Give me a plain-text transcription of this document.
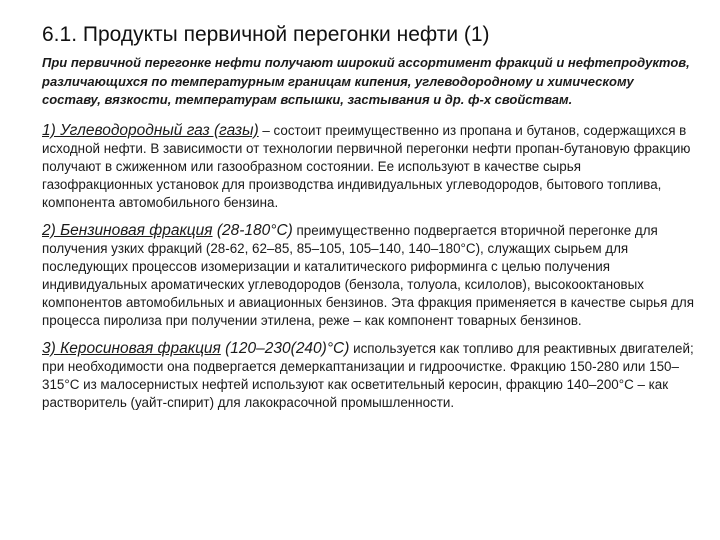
6.1. Продукты первичной перегонки нефти (1)

При первичной перегонке нефти получают широкий ассортимент фракций и нефтепродуктов, различающихся по температурным границам кипения, углеводородному и химическому составу, вязкости, температурам вспышки, застывания и др. ф-х свойствам.

1) Углеводородный газ (газы) – состоит преимущественно из пропана и бутанов, содержащихся в исходной нефти. В зависимости от технологии первичной перегонки нефти пропан-бутановую фракцию получают в сжиженном или газообразном состоянии. Ее используют в качестве сырья газофракционных установок для производства индивидуальных углеводородов, бытового топлива, компонента автомобильного бензина.

2) Бензиновая фракция (28-180°С) преимущественно подвергается вторичной перегонке для получения узких фракций (28-62, 62–85, 85–105, 105–140, 140–180°С), служащих сырьем для последующих процессов изомеризации и каталитического риформинга с целью получения индивидуальных ароматических углеводородов (бензола, толуола, ксилолов), высокооктановых компонентов автомобильных и авиационных бензинов. Эта фракция применяется в качестве сырья для процесса пиролиза при получении этилена, реже – как компонент товарных бензинов.

3) Керосиновая фракция (120–230(240)°С) используется как топливо для реактивных двигателей; при необходимости она подвергается демеркаптанизации и гидроочистке. Фракцию 150-280 или 150–315°С из малосернистых нефтей используют как осветительный керосин, фракцию 140–200°С – как растворитель (уайт-спирит) для лакокрасочной промышленности.
